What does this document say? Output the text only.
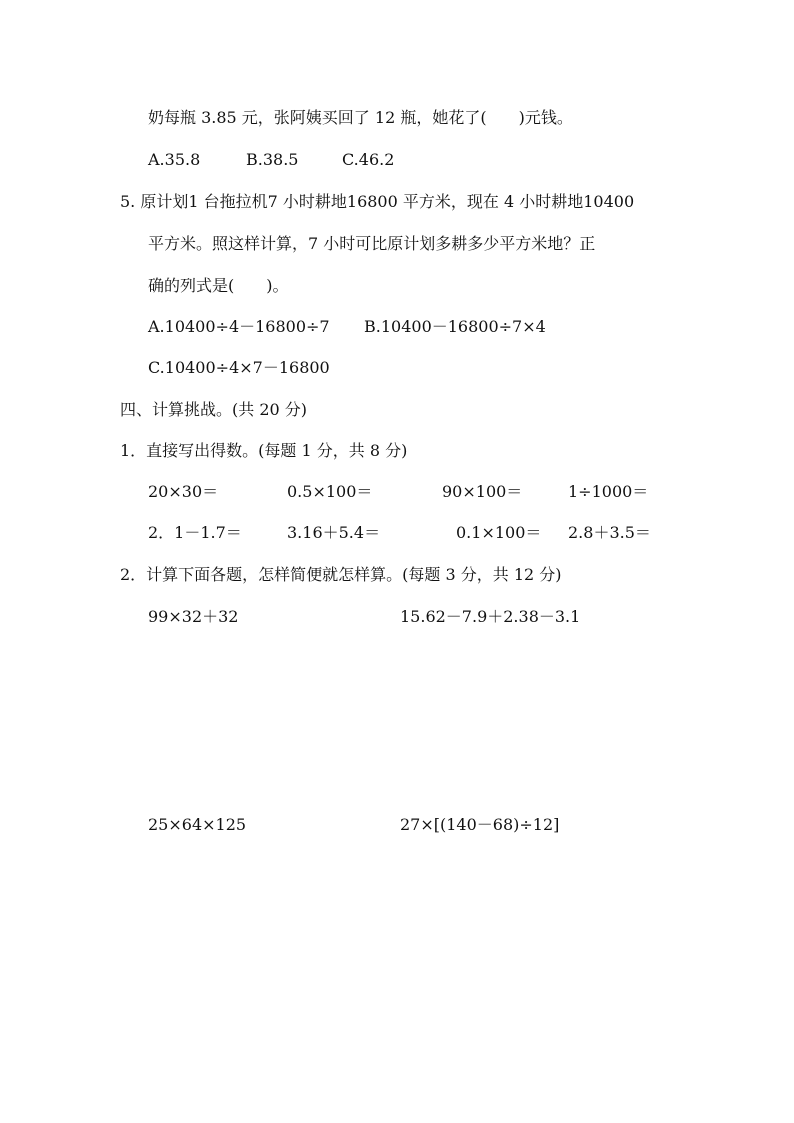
奶每瓶 3.85 元，张阿姨买回了 12 瓶，她花了(　　)元钱。
A.35.8	B.38.5	C.46.2
5. 原计划1 台拖拉机7 小时耕地16800 平方米，现在 4 小时耕地10400
平方米。照这样计算，7 小时可比原计划多耕多少平方米地？正
确的列式是(　　)。
A.10400÷4－16800÷7 B.10400－16800÷7×4
C.10400÷4×7－16800
四、计算挑战。(共 20 分)
1．直接写出得数。(每题 1 分，共 8 分)
20×30＝	0.5×100＝	90×100＝	1÷1000＝
2．1－1.7＝	3.16＋5.4＝	0.1×100＝ 2.8＋3.5＝
2．计算下面各题，怎样简便就怎样算。(每题 3 分，共 12 分)
99×32＋32	15.62－7.9＋2.38－3.1
25×64×125	27×[(140－68)÷12]
